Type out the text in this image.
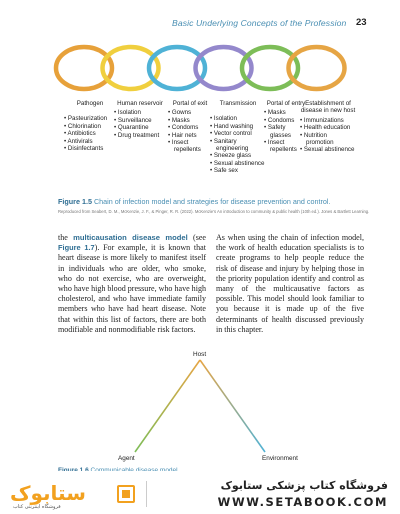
Basic Underlying Concepts of the Profession 23
Pathogen
• Pasteurization
• Chlorination
• Antibiotics
• Antivirals
• Disinfectants
Human reservoir
• Isolation
• Surveillance
• Quarantine
• Drug treatment
Portal of exit
• Gowns
• Masks
• Condoms
• Hair nets
• Insect repellents
Transmission
• Isolation
• Hand washing
• Vector control
• Sanitary engineering
• Sneeze glass
• Sexual abstinence
• Safe sex
Portal of entry
• Masks
• Condoms
• Safety glasses
• Insect repellents
Establishment of disease in new host
• Immunizations
• Health education
• Nutrition promotion
• Sexual abstinence
Figure 1.5 Chain of infection model and strategies for disease prevention and control.
Reproduced from Seabert, D. M., McKenzie, J. F., & Pinger, R. R. (2022). McKenzie's An introduction to community & public health (10th ed.). Jones & Bartlett Learning.
the multicausation disease model (see Figure 1.7). For example, it is known that heart disease is more likely to manifest itself in individuals who are older, who smoke, who do not exercise, who are overweight, who have high blood pressure, who have high cholesterol, and who have immediate family members who have had heart disease. Note that within this list of factors, there are both modifiable and nonmodifiable risk factors.
As when using the chain of infection model, the work of health education specialists is to create programs to help people reduce the risk of disease and injury by helping those in the priority population identify and control as many of the multicausative factors as possible. This model should look familiar to you because it is made up of the five determinants of health discussed previously in this chapter.
Host
Agent	Environment
ستابوک
فروشگاه اینترنتی کتاب
فروشگاه کتاب پزشکی ستابوک
WWW.SETABOOK.COM
